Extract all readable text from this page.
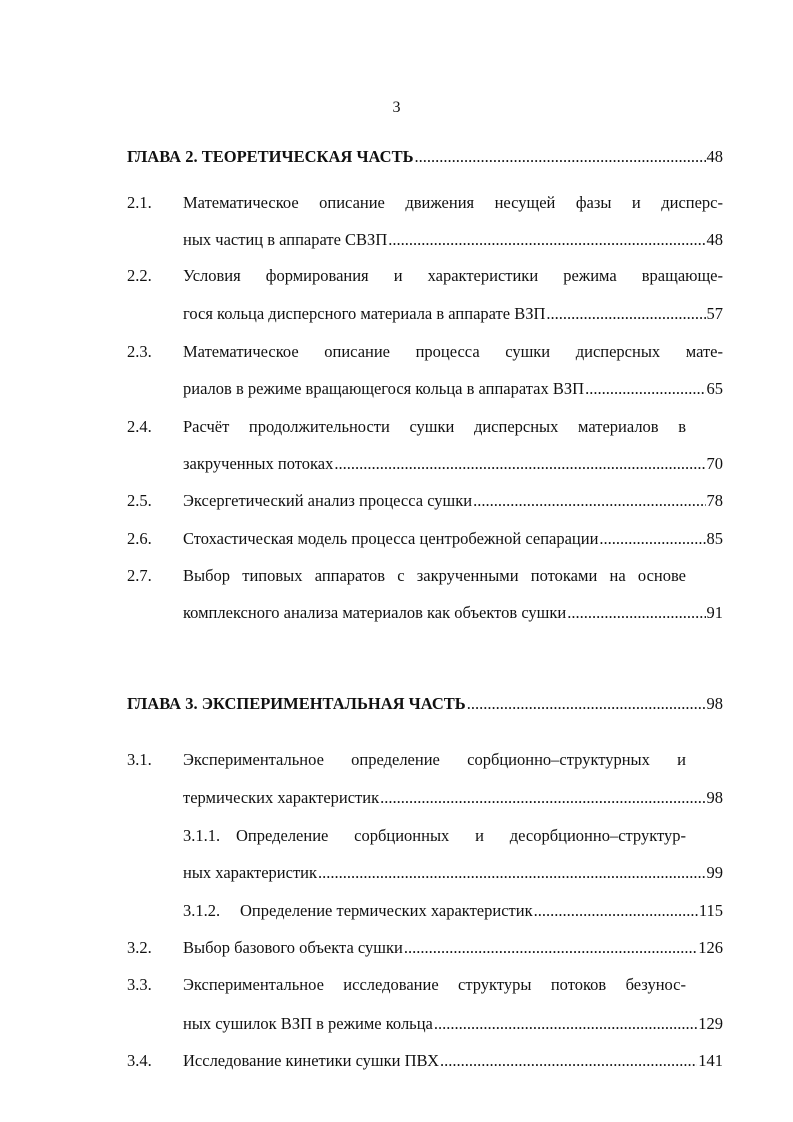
3
ГЛАВА 2. ТЕОРЕТИЧЕСКАЯ ЧАСТЬ .....	48
2.1. Математическое описание движения несущей фазы и дисперс-
ных частиц в аппарате СВЗП .....	48
2.2. Условия формирования и характеристики режима вращающе-
гося кольца дисперсного материала в аппарате ВЗП .....	57
2.3. Математическое описание процесса сушки дисперсных мате-
риалов в режиме вращающегося кольца в аппаратах ВЗП .....	65
2.4. Расчёт продолжительности сушки дисперсных материалов в
закрученных потоках .....	70
2.5. Эксергетический анализ процесса сушки .....	78
2.6. Стохастическая модель процесса центробежной сепарации .....	85
2.7. Выбор типовых аппаратов с закрученными потоками на основе
комплексного анализа материалов как объектов сушки .....	91
ГЛАВА 3. ЭКСПЕРИМЕНТАЛЬНАЯ ЧАСТЬ .....	98
3.1. Экспериментальное определение сорбционно–структурных и
термических характеристик .....	98
3.1.1. Определение сорбционных и десорбционно–структур-
ных характеристик .....	99
3.1.2. Определение термических характеристик .....	115
3.2. Выбор базового объекта сушки .....	126
3.3. Экспериментальное исследование структуры потоков безунос-
ных сушилок ВЗП в режиме кольца .....	129
3.4. Исследование кинетики сушки ПВХ .....	141
